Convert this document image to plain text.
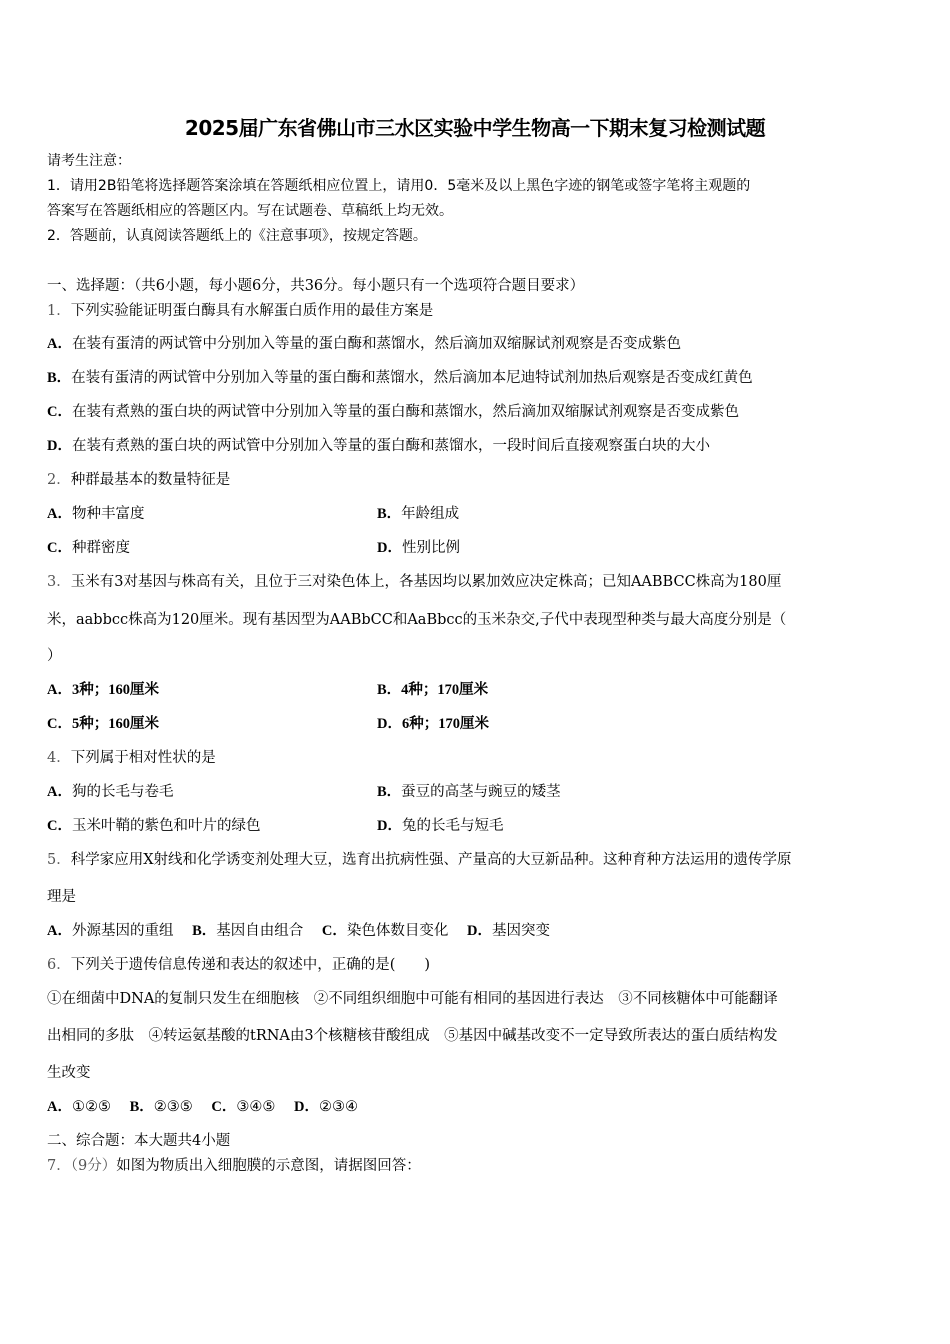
2025届广东省佛山市三水区实验中学生物高一下期末复习检测试题
请考生注意：
1．请用2B铅笔将选择题答案涂填在答题纸相应位置上，请用0．5毫米及以上黑色字迹的钢笔或签字笔将主观题的
答案写在答题纸相应的答题区内。写在试题卷、草稿纸上均无效。
2．答题前，认真阅读答题纸上的《注意事项》，按规定答题。
一、选择题：（共6小题，每小题6分，共36分。每小题只有一个选项符合题目要求）
1．下列实验能证明蛋白酶具有水解蛋白质作用的最佳方案是
A．在装有蛋清的两试管中分别加入等量的蛋白酶和蒸馏水，然后滴加双缩脲试剂观察是否变成紫色
B．在装有蛋清的两试管中分别加入等量的蛋白酶和蒸馏水，然后滴加本尼迪特试剂加热后观察是否变成红黄色
C．在装有煮熟的蛋白块的两试管中分别加入等量的蛋白酶和蒸馏水，然后滴加双缩脲试剂观察是否变成紫色
D．在装有煮熟的蛋白块的两试管中分别加入等量的蛋白酶和蒸馏水，一段时间后直接观察蛋白块的大小
2．种群最基本的数量特征是
A．物种丰富度	B．年龄组成
C．种群密度	D．性别比例
3．玉米有3对基因与株高有关，且位于三对染色体上，各基因均以累加效应决定株高；已知AABBCC株高为180厘
米，aabbcc株高为120厘米。现有基因型为AABbCC和AaBbcc的玉米杂交,子代中表现型种类与最大高度分别是（
）
A．3种；160厘米	B．4种；170厘米
C．5种；160厘米	D．6种；170厘米
4．下列属于相对性状的是
A．狗的长毛与卷毛	B．蚕豆的高茎与豌豆的矮茎
C．玉米叶鞘的紫色和叶片的绿色	D．兔的长毛与短毛
5．科学家应用X射线和化学诱变剂处理大豆，选育出抗病性强、产量高的大豆新品种。这种育种方法运用的遗传学原
理是
A．外源基因的重组 B．基因自由组合 C．染色体数目变化 D．基因突变
6．下列关于遗传信息传递和表达的叙述中，正确的是(　　)
①在细菌中DNA的复制只发生在细胞核　②不同组织细胞中可能有相同的基因进行表达　③不同核糖体中可能翻译
出相同的多肽　④转运氨基酸的tRNA由3个核糖核苷酸组成　⑤基因中碱基改变不一定导致所表达的蛋白质结构发
生改变
A．①②⑤ B．②③⑤ C．③④⑤ D．②③④
二、综合题：本大题共4小题
7．（9分）如图为物质出入细胞膜的示意图，请据图回答：
